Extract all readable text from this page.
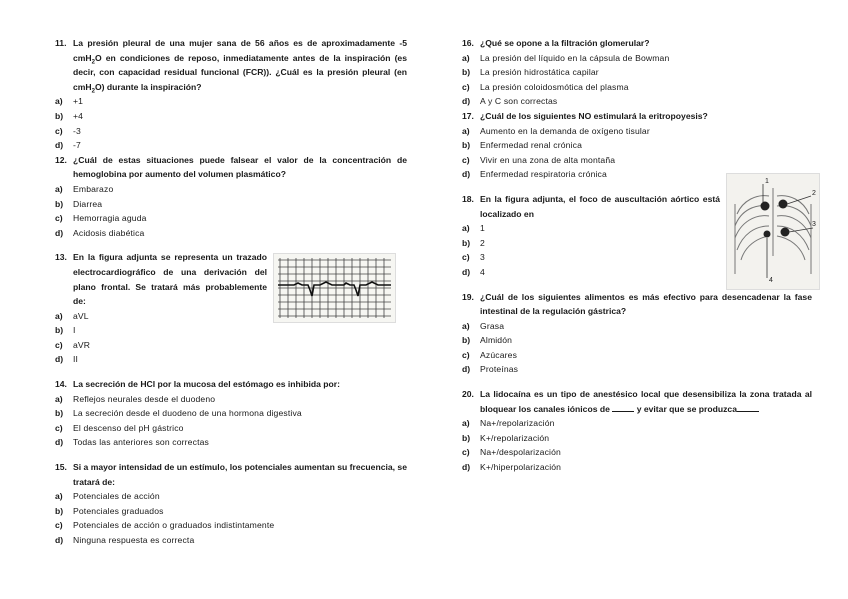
11. La presión pleural de una mujer sana de 56 años es de aproximadamente -5 cmH$_2$O en condiciones de reposo, inmediatamente antes de la inspiración (es decir, con capacidad residual funcional (FCR)). ¿Cuál es la presión pleural (en cmH$_2$O) durante la inspiración?
a)	+1
b)	+4
c)	-3
d)	-7
12. ¿Cuál de estas situaciones puede falsear el valor de la concentración de hemoglobina por aumento del volumen plasmático?
a)	Embarazo
b)	Diarrea
c)	Hemorragia aguda
d)	Acidosis diabética
13. En la figura adjunta se representa un trazado electrocardiográfico de una derivación del plano frontal. Se tratará más probablemente de:
a)	aVL
b)	I
c)	aVR
d)	II
14. La secreción de HCl por la mucosa del estómago es inhibida por:
a)	Reflejos neurales desde el duodeno
b)	La secreción desde el duodeno de una hormona digestiva
c)	El descenso del pH gástrico
d)	Todas las anteriores son correctas
15. Si a mayor intensidad de un estímulo, los potenciales aumentan su frecuencia, se tratará de:
a)	Potenciales de acción
b)	Potenciales graduados
c)	Potenciales de acción o graduados indistintamente
d)	Ninguna respuesta es correcta
16. ¿Qué se opone a la filtración glomerular?
a)	La presión del líquido en la cápsula de Bowman
b)	La presión hidrostática capilar
c)	La presión coloidosmótica del plasma
d)	A y C son correctas
17. ¿Cuál de los siguientes NO estimulará la eritropoyesis?
a)	Aumento en la demanda de oxígeno tisular
b)	Enfermedad renal crónica
c)	Vivir en una zona de alta montaña
d)	Enfermedad respiratoria crónica
18. En la figura adjunta, el foco de auscultación aórtico está localizado en
a)	1
b)	2
c)	3
d)	4
1
2
3
4
19. ¿Cuál de los siguientes alimentos es más efectivo para desencadenar la fase intestinal de la regulación gástrica?
a)	Grasa
b)	Almidón
c)	Azúcares
d)	Proteínas
20. La lidocaína es un tipo de anestésico local que desensibiliza la zona tratada al bloquear los canales iónicos de	y evitar que se produzca
a)	Na+/repolarización
b)	K+/repolarización
c)	Na+/despolarización
d)	K+/hiperpolarización
